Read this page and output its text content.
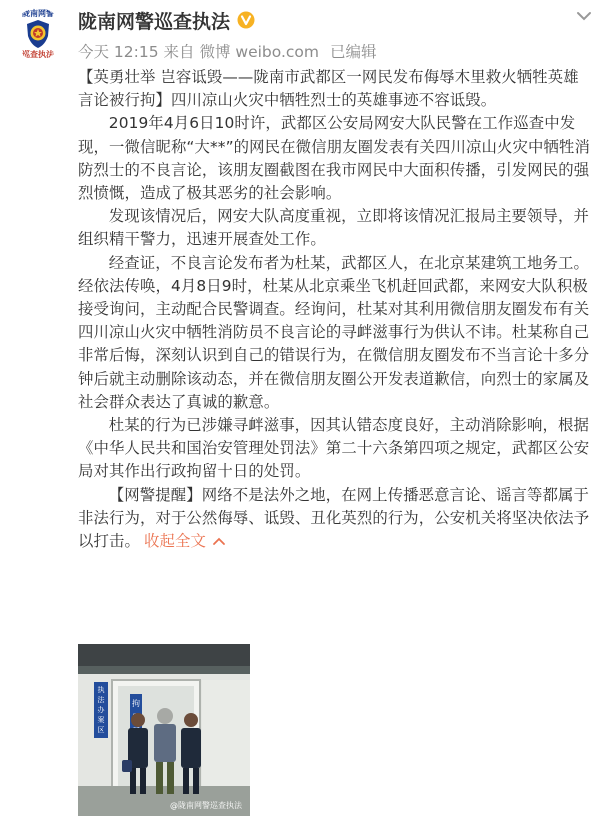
陇南网警
巡查执法
陇南网警巡查执法
今天 12:15 来自 微博 weibo.com 已编辑

【英勇壮举 岂容诋毁——陇南市武都区一网民发布侮辱木里救火牺牲英雄言论被行拘】四川凉山火灾中牺牲烈士的英雄事迹不容诋毁。

2019年4月6日10时许，武都区公安局网安大队民警在工作巡查中发现，一微信昵称“大**”的网民在微信朋友圈发表有关四川凉山火灾中牺牲消防烈士的不良言论，该朋友圈截图在我市网民中大面积传播，引发网民的强烈愤慨，造成了极其恶劣的社会影响。

发现该情况后，网安大队高度重视，立即将该情况汇报局主要领导，并组织精干警力，迅速开展查处工作。

经查证，不良言论发布者为杜某，武都区人，在北京某建筑工地务工。经依法传唤，4月8日9时，杜某从北京乘坐飞机赶回武都，来网安大队积极接受询问，主动配合民警调查。经询问，杜某对其利用微信朋友圈发布有关四川凉山火灾中牺牲消防员不良言论的寻衅滋事行为供认不讳。杜某称自己非常后悔，深刻认识到自己的错误行为，在微信朋友圈发布不当言论十多分钟后就主动删除该动态，并在微信朋友圈公开发表道歉信，向烈士的家属及社会群众表达了真诚的歉意。

杜某的行为已涉嫌寻衅滋事，因其认错态度良好，主动消除影响，根据《中华人民共和国治安管理处罚法》第二十六条第四项之规定，武都区公安局对其作出行政拘留十日的处罚。

【网警提醒】网络不是法外之地，在网上传播恶意言论、谣言等都属于非法行为，对于公然侮辱、诋毁、丑化英烈的行为，公安机关将坚决依法予以打击。 收起全文

执
法
办
案
区
拘
@陇南网警巡查执法
